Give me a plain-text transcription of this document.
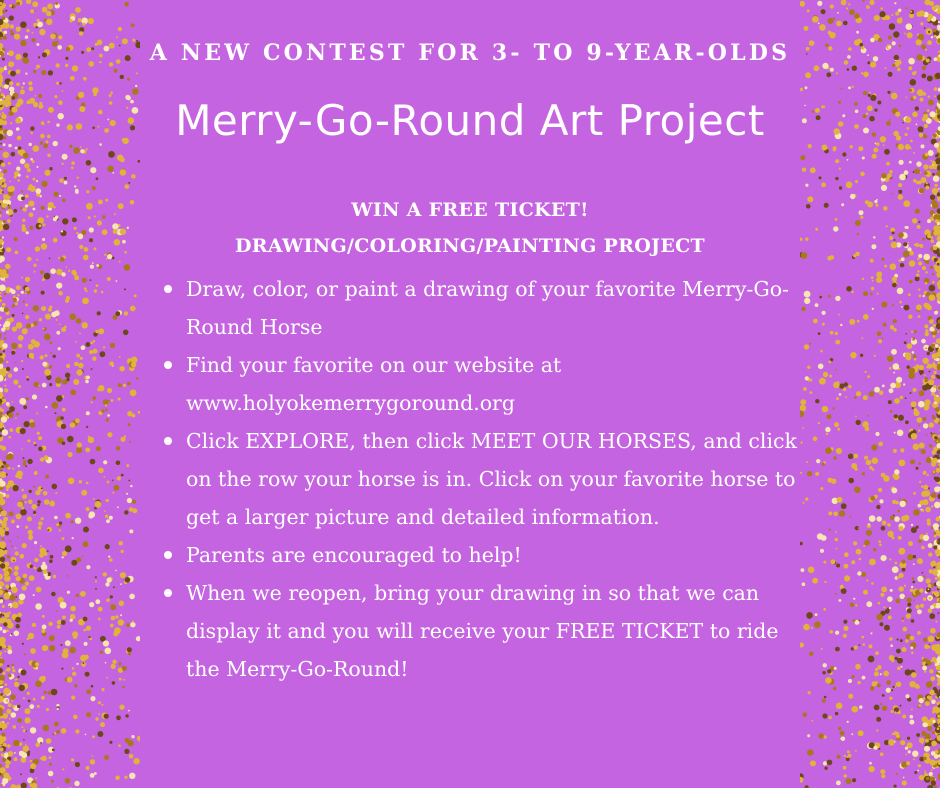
A NEW CONTEST FOR 3- TO 9-YEAR-OLDS
Merry-Go-Round Art Project
WIN A FREE TICKET!
DRAWING/COLORING/PAINTING PROJECT
Draw, color, or paint a drawing of your favorite Merry-Go-Round Horse
Find your favorite on our website at www.holyokemerrygoround.org
Click EXPLORE, then click MEET OUR HORSES, and click on the row your horse is in. Click on your favorite horse to get a larger picture and detailed information.
Parents are encouraged to help!
When we reopen, bring your drawing in so that we can display it and you will receive your FREE TICKET to ride the Merry-Go-Round!
